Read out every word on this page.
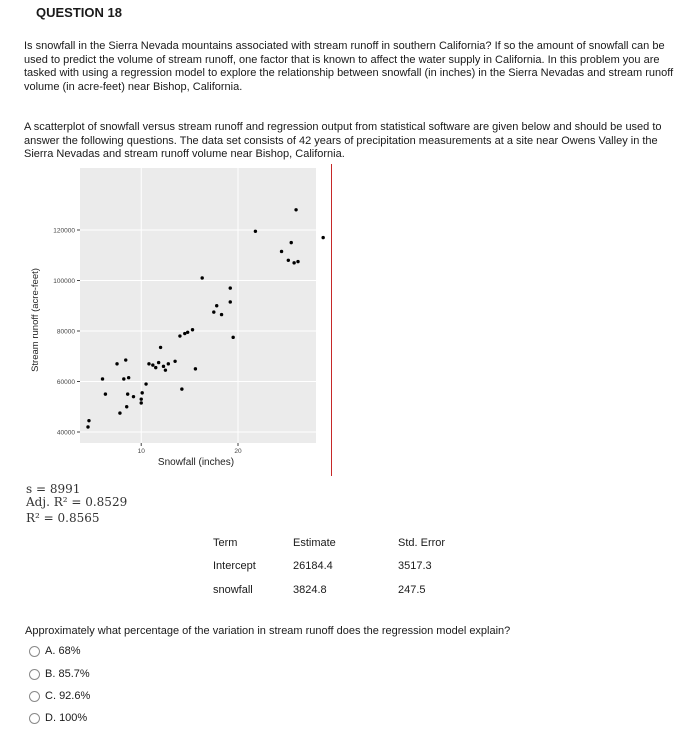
QUESTION 18

Is snowfall in the Sierra Nevada mountains associated with stream runoff in southern California? If so the amount of snowfall can be used to predict the volume of stream runoff, one factor that is known to affect the water supply in California. In this problem you are tasked with using a regression model to explore the relationship between snowfall (in inches) in the Sierra Nevadas and stream runoff volume (in acre-feet) near Bishop, California.

A scatterplot of snowfall versus stream runoff and regression output from statistical software are given below and should be used to answer the following questions. The data set consists of 42 years of precipitation measurements at a site near Owens Valley in the Sierra Nevadas and stream runoff volume near Bishop, California.

40000
60000
80000
100000
120000
10	20
Snowfall (inches)
Stream runoff (acre-feet)
s = 8991
Adj. R² = 0.8529
R² = 0.8565
Term	Estimate	Std. Error
Intercept	26184.4	3517.3
snowfall	3824.8	247.5
Approximately what percentage of the variation in stream runoff does the regression model explain?
A.
68%
B.
85.7%
C.
92.6%
D.
100%
